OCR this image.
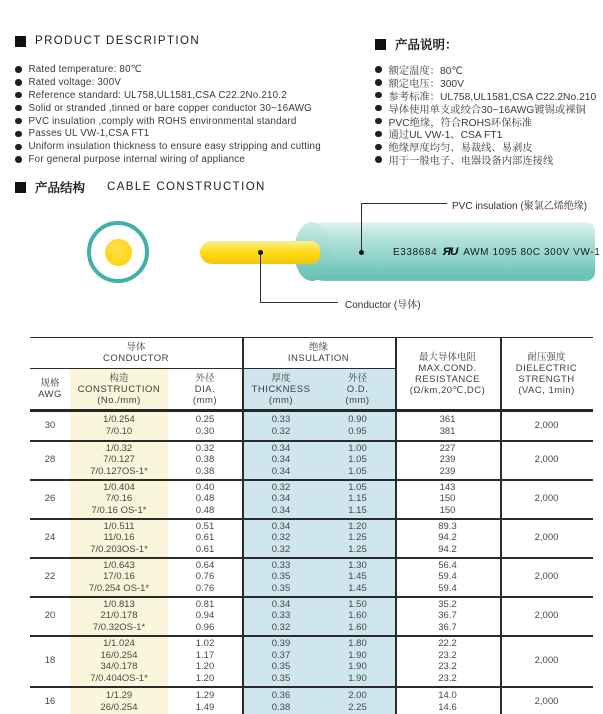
PRODUCT DESCRIPTION
Rated temperature: 80℃
Rated voltage: 300V
Reference standard: UL758,UL1581,CSA C22.2No.210.2
Solid or stranded ,tinned or bare copper conductor 30~16AWG
PVC insulation ,comply with ROHS environmental standard
Passes UL VW-1,CSA FT1
Uniform insulation thickness to ensure easy stripping and cutting
For general purpose internal wiring of appliance
产品说明：
额定温度：80℃
额定电压：300V
参考标准：UL758,UL1581,CSA C22.2No.210
导体使用单支或绞合30~16AWG镀锡或裸铜
PVC绝缘，符合ROHS环保标准
通过UL VW-1、CSA FT1
绝缘厚度均匀、易裁线、易剥皮
用于一般电子、电器设备内部连接线
产品结构 CABLE CONSTRUCTION
E338684 ЯU AWM 1095 80C 300V VW-1
PVC insulation (聚氯乙烯绝缘)
Conductor (导体)
导体
CONDUCTOR
绝缘
INSULATION
规格
AWG
构造
CONSTRUCTION
(No./mm)
外径
DIA.
(mm)
厚度
THICKNESS
(mm)
外径
O.D.
(mm)
最大导体电阻
MAX.COND.
RESISTANCE
(Ω/km,20℃,DC)
耐压强度
DIELECTRIC
STRENGTH
(VAC, 1min)
30
1/0.254
7/0.10
0.25
0.30
0.33
0.32
0.90
0.95
361
381
2,000
28
1/0.32
7/0.127
7/0.127OS-1*
0.32
0.38
0.38
0.34
0.34
0.34
1.00
1.05
1.05
227
239
239
2,000
26
1/0.404
7/0.16
7/0.16 OS-1*
0.40
0.48
0.48
0.32
0.34
0.34
1.05
1.15
1.15
143
150
150
2,000
24
1/0.511
11/0.16
7/0.203OS-1*
0.51
0.61
0.61
0.34
0.32
0.32
1.20
1.25
1.25
89.3
94.2
94.2
2,000
22
1/0.643
17/0.16
7/0.254 OS-1*
0.64
0.76
0.76
0.33
0.35
0.35
1.30
1.45
1.45
56.4
59.4
59.4
2,000
20
1/0.813
21/0.178
7/0.32OS-1*
0.81
0.94
0.96
0.34
0.33
0.32
1.50
1.60
1.60
35.2
36.7
36.7
2,000
18
1/1.024
16/0.254
34/0.178
7/0.404OS-1*
1.02
1.17
1.20
1.20
0.39
0.37
0.35
0.35
1.80
1.90
1.90
1.90
22.2
23.2
23.2
23.2
2,000
16
1/1.29
26/0.254
1.29
1.49
0.36
0.38
2.00
2.25
14.0
14.6
2,000
